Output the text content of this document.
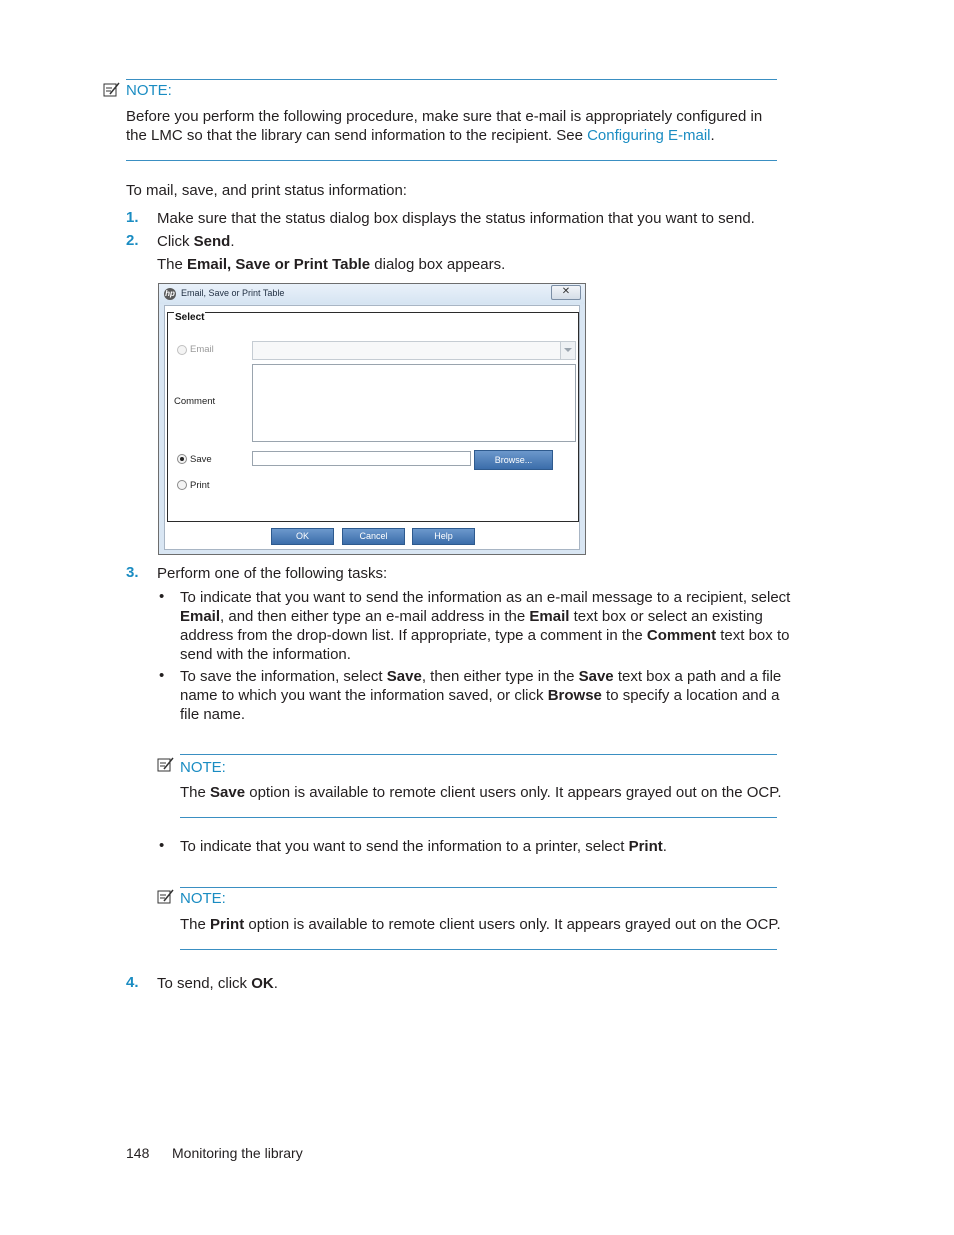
NOTE:
Before you perform the following procedure, make sure that e-mail is appropriately configured in the LMC so that the library can send information to the recipient. See Configuring E-mail.
To mail, save, and print status information:
1. Make sure that the status dialog box displays the status information that you want to send.
2. Click Send.
The Email, Save or Print Table dialog box appears.
hp Email, Save or Print Table	✕
Select
Email
Comment
Save	Browse...
Print
OK	Cancel	Help
3. Perform one of the following tasks:
• To indicate that you want to send the information as an e-mail message to a recipient, select Email, and then either type an e-mail address in the Email text box or select an existing address from the drop-down list. If appropriate, type a comment in the Comment text box to send with the information.
• To save the information, select Save, then either type in the Save text box a path and a file name to which you want the information saved, or click Browse to specify a location and a file name.
NOTE:
The Save option is available to remote client users only. It appears grayed out on the OCP.
• To indicate that you want to send the information to a printer, select Print.
NOTE:
The Print option is available to remote client users only. It appears grayed out on the OCP.
4. To send, click OK.
148 Monitoring the library
